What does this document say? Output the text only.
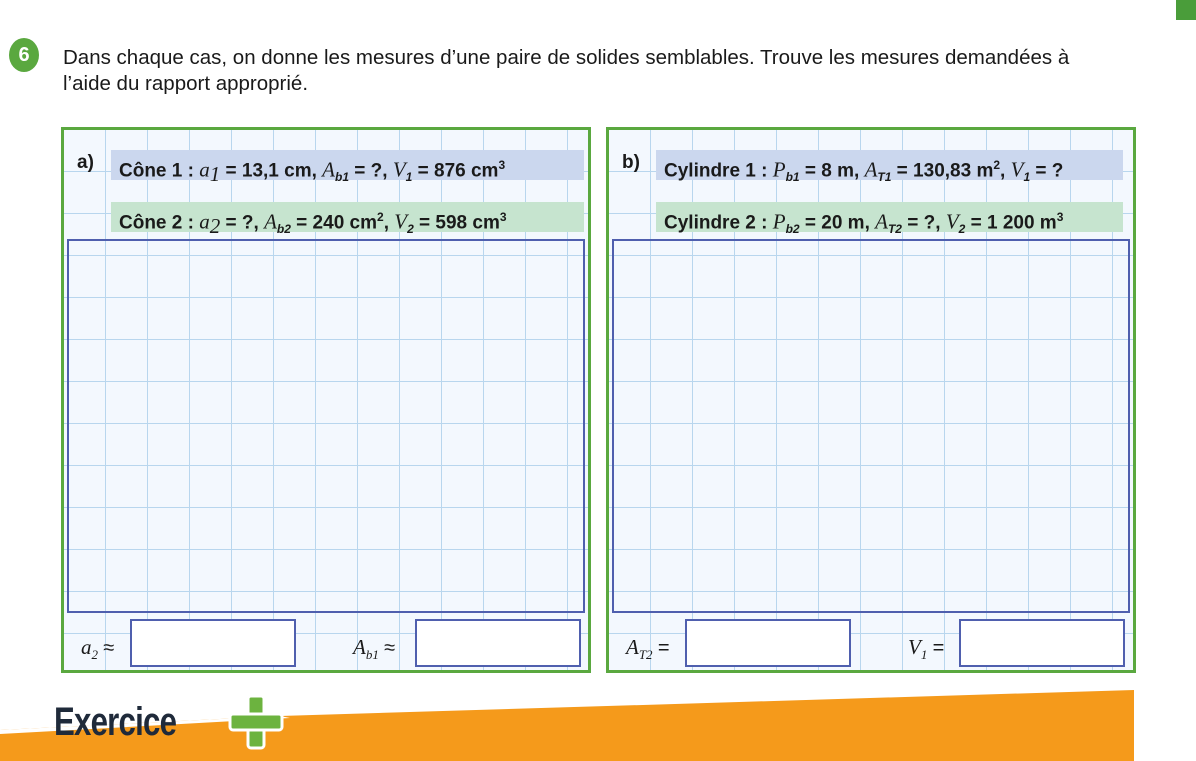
6 Dans chaque cas, on donne les mesures d’une paire de solides semblables. Trouve les mesures demandées à l’aide du rapport approprié.
a)	Cône 1 : $a_1 = 13,1$ cm, $A_{b1}$ = ?, $V_1 = 876$ $cm^3$
Cône 2 : $a_2$ = ?, $A_{b2} = 240$ $cm^2$, $V_2 = 598$ $cm^3$
$a_2$ ≈	$A_{b1}$ ≈
b)	Cylindre 1 : $P_{b1} = 8$ m, $A_{T1} = 130,83$ $m^2$, $V_1$ = ?
Cylindre 2 : $P_{b2} = 20$ m, $A_{T2}$ = ?, $V_2 = 1$ 200 $m^3$
$A_{T2}$ =	$V_1$ =
Exercice
